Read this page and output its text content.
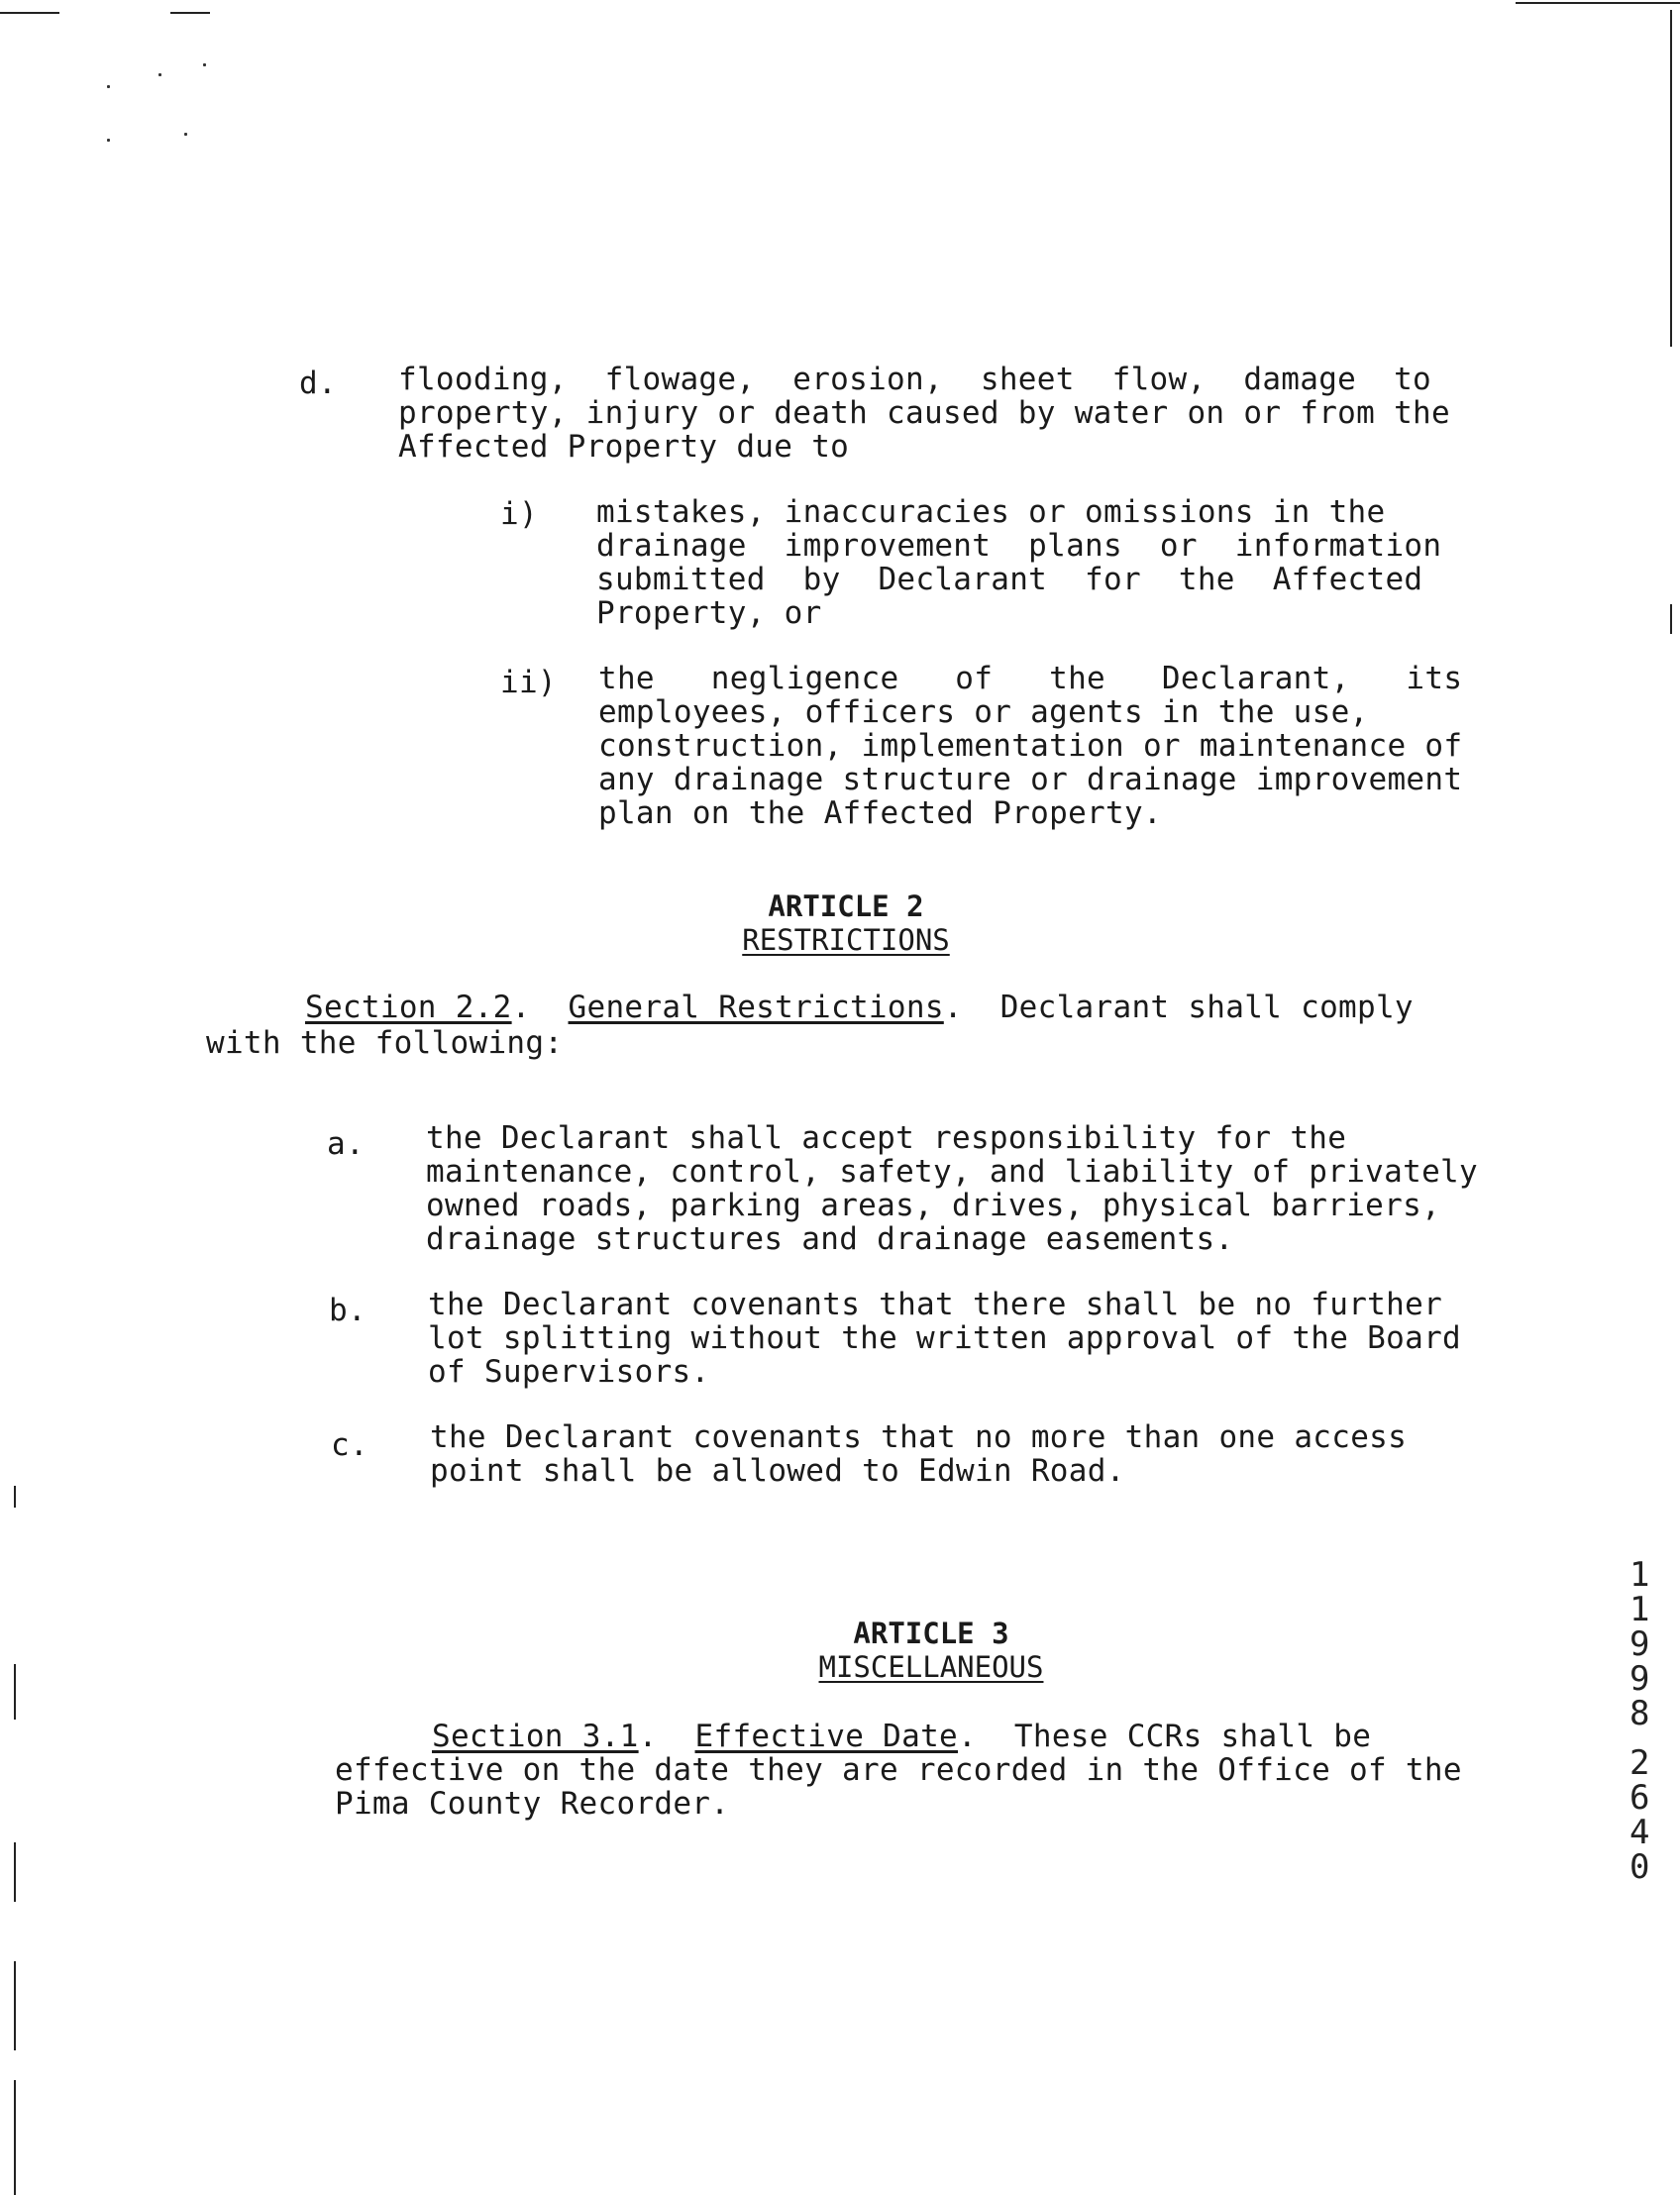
d. flooding,  flowage,  erosion,  sheet  flow,  damage  to
property, injury or death caused by water on or from the
Affected Property due to
i) mistakes, inaccuracies or omissions in the
drainage  improvement  plans  or  information
submitted  by  Declarant  for  the  Affected
Property, or
ii) the   negligence   of   the   Declarant,   its
employees, officers or agents in the use,
construction, implementation or maintenance of
any drainage structure or drainage improvement
plan on the Affected Property.
ARTICLE 2
RESTRICTIONS
Section 2.2.  General Restrictions.  Declarant shall comply
with the following:
a. the Declarant shall accept responsibility for the
maintenance, control, safety, and liability of privately
owned roads, parking areas, drives, physical barriers,
drainage structures and drainage easements.
b. the Declarant covenants that there shall be no further
lot splitting without the written approval of the Board
of Supervisors.
c. the Declarant covenants that no more than one access
point shall be allowed to Edwin Road.
ARTICLE 3
MISCELLANEOUS
Section 3.1.  Effective Date.  These CCRs shall be
effective on the date they are recorded in the Office of the
Pima County Recorder.
1
1
9
9
8
2
6
4
0
